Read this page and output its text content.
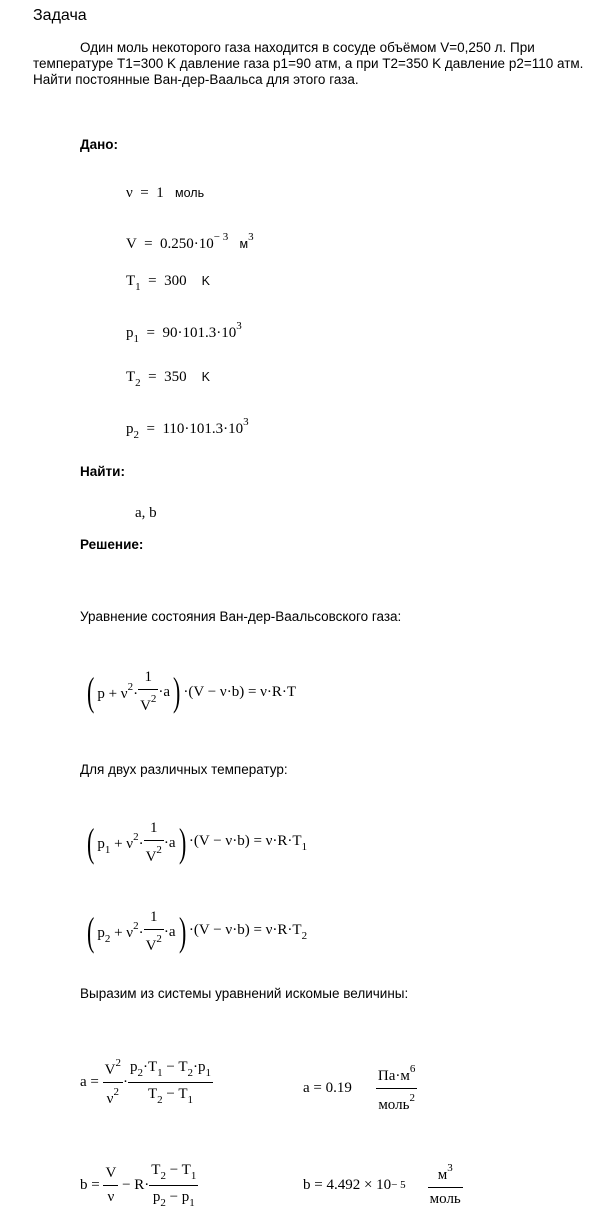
Задача

Один моль некоторого газа находится в сосуде объёмом V=0,250 л. При температуре T1=300 K давление газа p1=90 атм, а при T2=350 K давление p2=110 атм. Найти постоянные Ван-дер-Ваальса для этого газа.

Дано:
ν  =  1 моль
$V = 0.250\cdot 10^{- 3}$ $м^3$
$T_1 = 300$ K
$p_1 = 90\cdot 101.3\cdot 10^3$
$T_2 = 350$ K
$p_2 = 110\cdot 101.3\cdot 10^3$
Найти:
a, b
Решение:
Уравнение состояния Ван-дер-Ваальсовского газа:
( $p + \nu^2\cdot \frac{1}{V^2} \cdot a$ ) ·(V − ν·b) = ν·R·T
Для двух различных температур:
( $p_1 + \nu^2\cdot \frac{1}{V^2} \cdot a$ ) $\cdot(V - \nu\cdot b) = \nu\cdot R\cdot T_1$
( $p_2 + \nu^2\cdot \frac{1}{V^2} \cdot a$ ) $\cdot(V - \nu\cdot b) = \nu\cdot R\cdot T_2$
Выразим из системы уравнений искомые величины:
$a = \frac{V^2}{\nu^2} \cdot \frac{p_2\cdot T_1 - T_2\cdot p_1}{T_2 - T_1}$	$a = 0.19 \frac{Па\cdot м^6}{моль^2}$
$b = \frac{V}{\nu} - R\cdot \frac{T_2 - T_1}{p_2 - p_1}$	$b = 4.492 \times 10 - 5 \frac{м^3}{\text{моль}}$
